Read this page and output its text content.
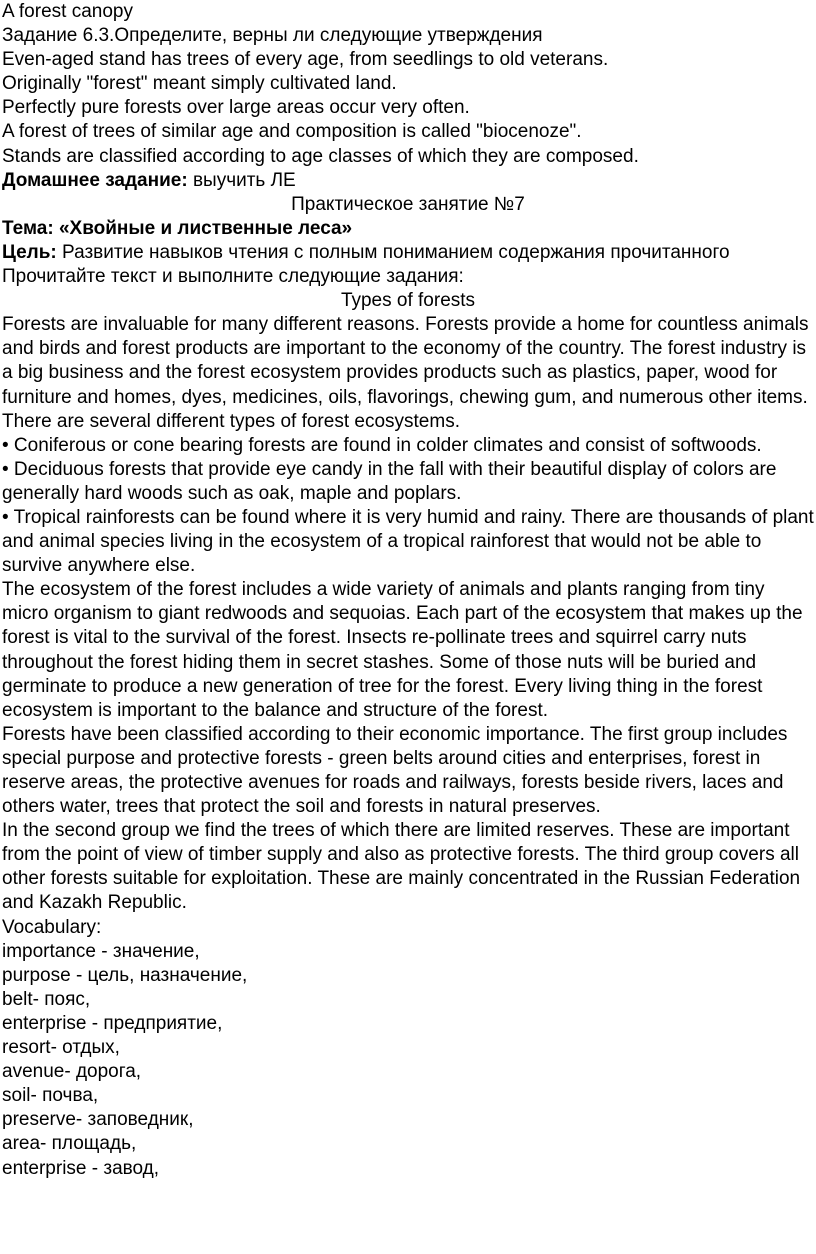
A forest canopy
Задание 6.3.Определите, верны ли следующие утверждения
Even-aged stand has trees of every age, from seedlings to old veterans.
Originally "forest" meant simply cultivated land.
Perfectly pure forests over large areas occur very often.
A forest of trees of similar age and composition is called "biocenoze".
Stands are classified according to age classes of which they are composed.
Домашнее задание: выучить ЛЕ
Практическое занятие №7
Тема: «Хвойные и лиственные леса»
Цель: Развитие навыков чтения с полным пониманием содержания прочитанного
Прочитайте текст и выполните следующие задания:
Types of forests
Forests are invaluable for many different reasons. Forests provide a home for countless animals and birds and forest products are important to the economy of the country. The forest industry is a big business and the forest ecosystem provides products such as plastics, paper, wood for furniture and homes, dyes, medicines, oils, flavorings, chewing gum, and numerous other items. There are several different types of forest ecosystems.
• Coniferous or cone bearing forests are found in colder climates and consist of softwoods.
• Deciduous forests that provide eye candy in the fall with their beautiful display of colors are generally hard woods such as oak, maple and poplars.
• Tropical rainforests can be found where it is very humid and rainy. There are thousands of plant and animal species living in the ecosystem of a tropical rainforest that would not be able to survive anywhere else.
The ecosystem of the forest includes a wide variety of animals and plants ranging from tiny micro organism to giant redwoods and sequoias. Each part of the ecosystem that makes up the forest is vital to the survival of the forest. Insects re-pollinate trees and squirrel carry nuts throughout the forest hiding them in secret stashes. Some of those nuts will be buried and germinate to produce a new generation of tree for the forest. Every living thing in the forest ecosystem is important to the balance and structure of the forest.
Forests have been classified according to their economic importance. The first group includes special purpose and protective forests - green belts around cities and enterprises, forest in reserve areas, the protective avenues for roads and railways, forests beside rivers, laces and others water, trees that protect the soil and forests in natural preserves.
In the second group we find the trees of which there are limited reserves. These are important from the point of view of timber supply and also as protective forests. The third group covers all other forests suitable for exploitation. These are mainly concentrated in the Russian Federation and Kazakh Republic.
Vocabulary:
importance - значение,
purpose - цель, назначение,
belt- пояс,
enterprise - предприятие,
resort- отдых,
avenue- дорога,
soil- почва,
preserve- заповедник,
area- площадь,
enterprise - завод,
